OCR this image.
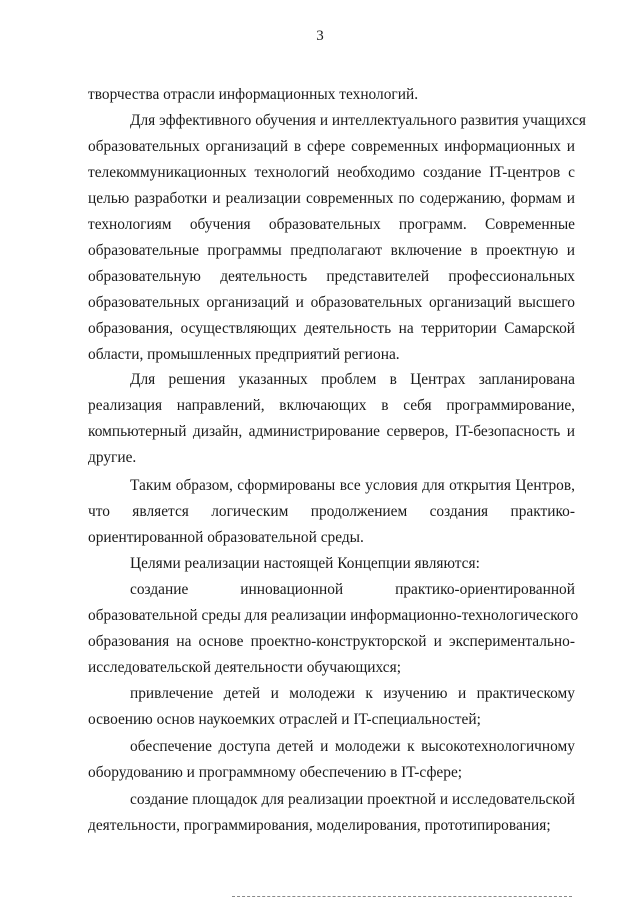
3
творчества отрасли информационных технологий.
Для эффективного обучения и интеллектуального развития учащихся
образовательных организаций в сфере современных информационных и
телекоммуникационных технологий необходимо создание IT-центров с
целью разработки и реализации современных по содержанию, формам и
технологиям обучения образовательных программ. Современные
образовательные программы предполагают включение в проектную и
образовательную деятельность представителей профессиональных
образовательных организаций и образовательных организаций высшего
образования, осуществляющих деятельность на территории Самарской
области, промышленных предприятий региона.
Для решения указанных проблем в Центрах запланирована
реализация направлений, включающих в себя программирование,
компьютерный дизайн, администрирование серверов, IT-безопасность и
другие.
Таким образом, сформированы все условия для открытия Центров,
что является логическим продолжением создания практико-
ориентированной образовательной среды.
Целями реализации настоящей Концепции являются:
создание инновационной практико-ориентированной
образовательной среды для реализации информационно-технологического
образования на основе проектно-конструкторской и экспериментально-
исследовательской деятельности обучающихся;
привлечение детей и молодежи к изучению и практическому
освоению основ наукоемких отраслей и IT-специальностей;
обеспечение доступа детей и молодежи к высокотехнологичному
оборудованию и программному обеспечению в IT-сфере;
создание площадок для реализации проектной и исследовательской
деятельности, программирования, моделирования, прототипирования;
